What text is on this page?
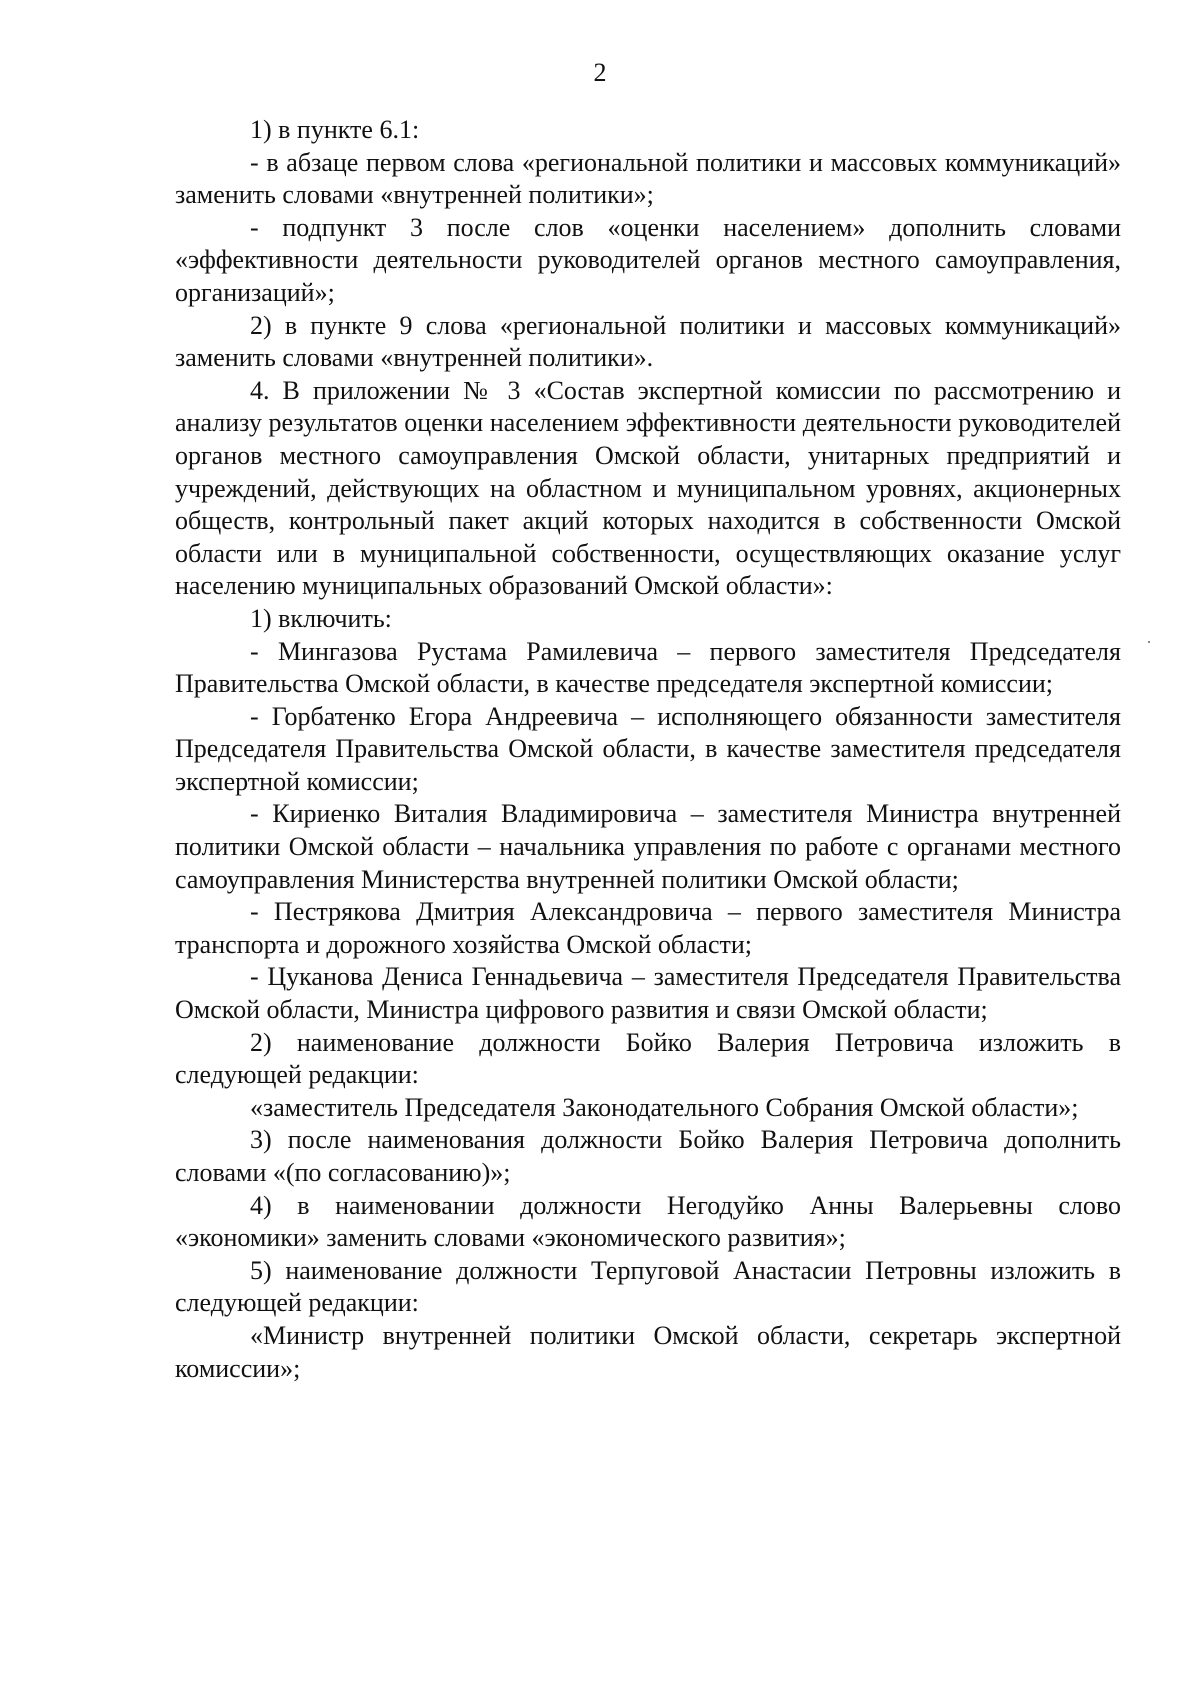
2

1) в пункте 6.1:

- в абзаце первом слова «региональной политики и массовых коммуникаций» заменить словами «внутренней политики»;

- подпункт 3 после слов «оценки населением» дополнить словами «эффективности деятельности руководителей органов местного самоуправления, организаций»;

2) в пункте 9 слова «региональной политики и массовых коммуникаций» заменить словами «внутренней политики».

4. В приложении № 3 «Состав экспертной комиссии по рассмотрению и анализу результатов оценки населением эффективности деятельности руководителей органов местного самоуправления Омской области, унитарных предприятий и учреждений, действующих на областном и муниципальном уровнях, акционерных обществ, контрольный пакет акций которых находится в собственности Омской области или в муниципальной собственности, осуществляющих оказание услуг населению муниципальных образований Омской области»:

1) включить:

- Мингазова Рустама Рамилевича – первого заместителя Председателя Правительства Омской области, в качестве председателя экспертной комиссии;

- Горбатенко Егора Андреевича – исполняющего обязанности заместителя Председателя Правительства Омской области, в качестве заместителя председателя экспертной комиссии;

- Кириенко Виталия Владимировича – заместителя Министра внутренней политики Омской области – начальника управления по работе с органами местного самоуправления Министерства внутренней политики Омской области;

- Пестрякова Дмитрия Александровича – первого заместителя Министра транспорта и дорожного хозяйства Омской области;

- Цуканова Дениса Геннадьевича – заместителя Председателя Правительства Омской области, Министра цифрового развития и связи Омской области;

2) наименование должности Бойко Валерия Петровича изложить в следующей редакции:

«заместитель Председателя Законодательного Собрания Омской области»;

3) после наименования должности Бойко Валерия Петровича дополнить словами «(по согласованию)»;

4) в наименовании должности Негодуйко Анны Валерьевны слово «экономики» заменить словами «экономического развития»;

5) наименование должности Терпуговой Анастасии Петровны изложить в следующей редакции:

«Министр внутренней политики Омской области, секретарь экспертной комиссии»;
